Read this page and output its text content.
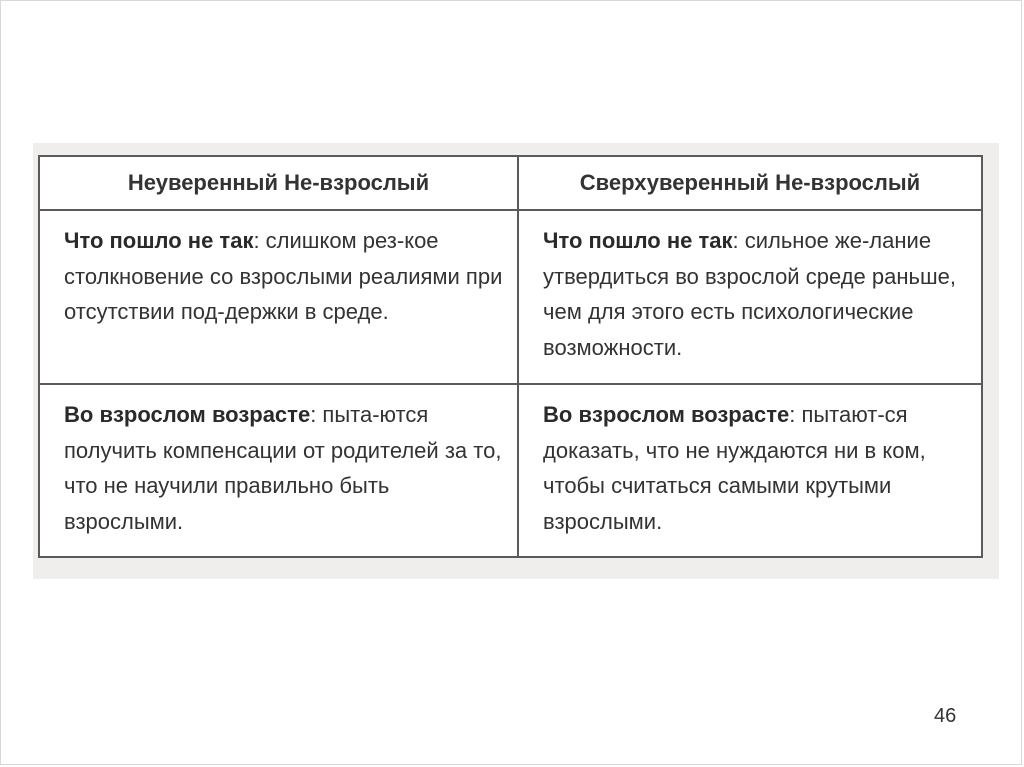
Неуверенный Не-взрослый	Сверхуверенный Не-взрослый
Что пошло не так: слишком рез-кое столкновение со взрослыми реалиями при отсутствии под-держки в среде.	Что пошло не так: сильное же-лание утвердиться во взрослой среде раньше, чем для этого есть психологические возможности.
Во взрослом возрасте: пыта-ются получить компенсации от родителей за то, что не научили правильно быть взрослыми.	Во взрослом возрасте: пытают-ся доказать, что не нуждаются ни в ком, чтобы считаться самыми крутыми взрослыми.
46
